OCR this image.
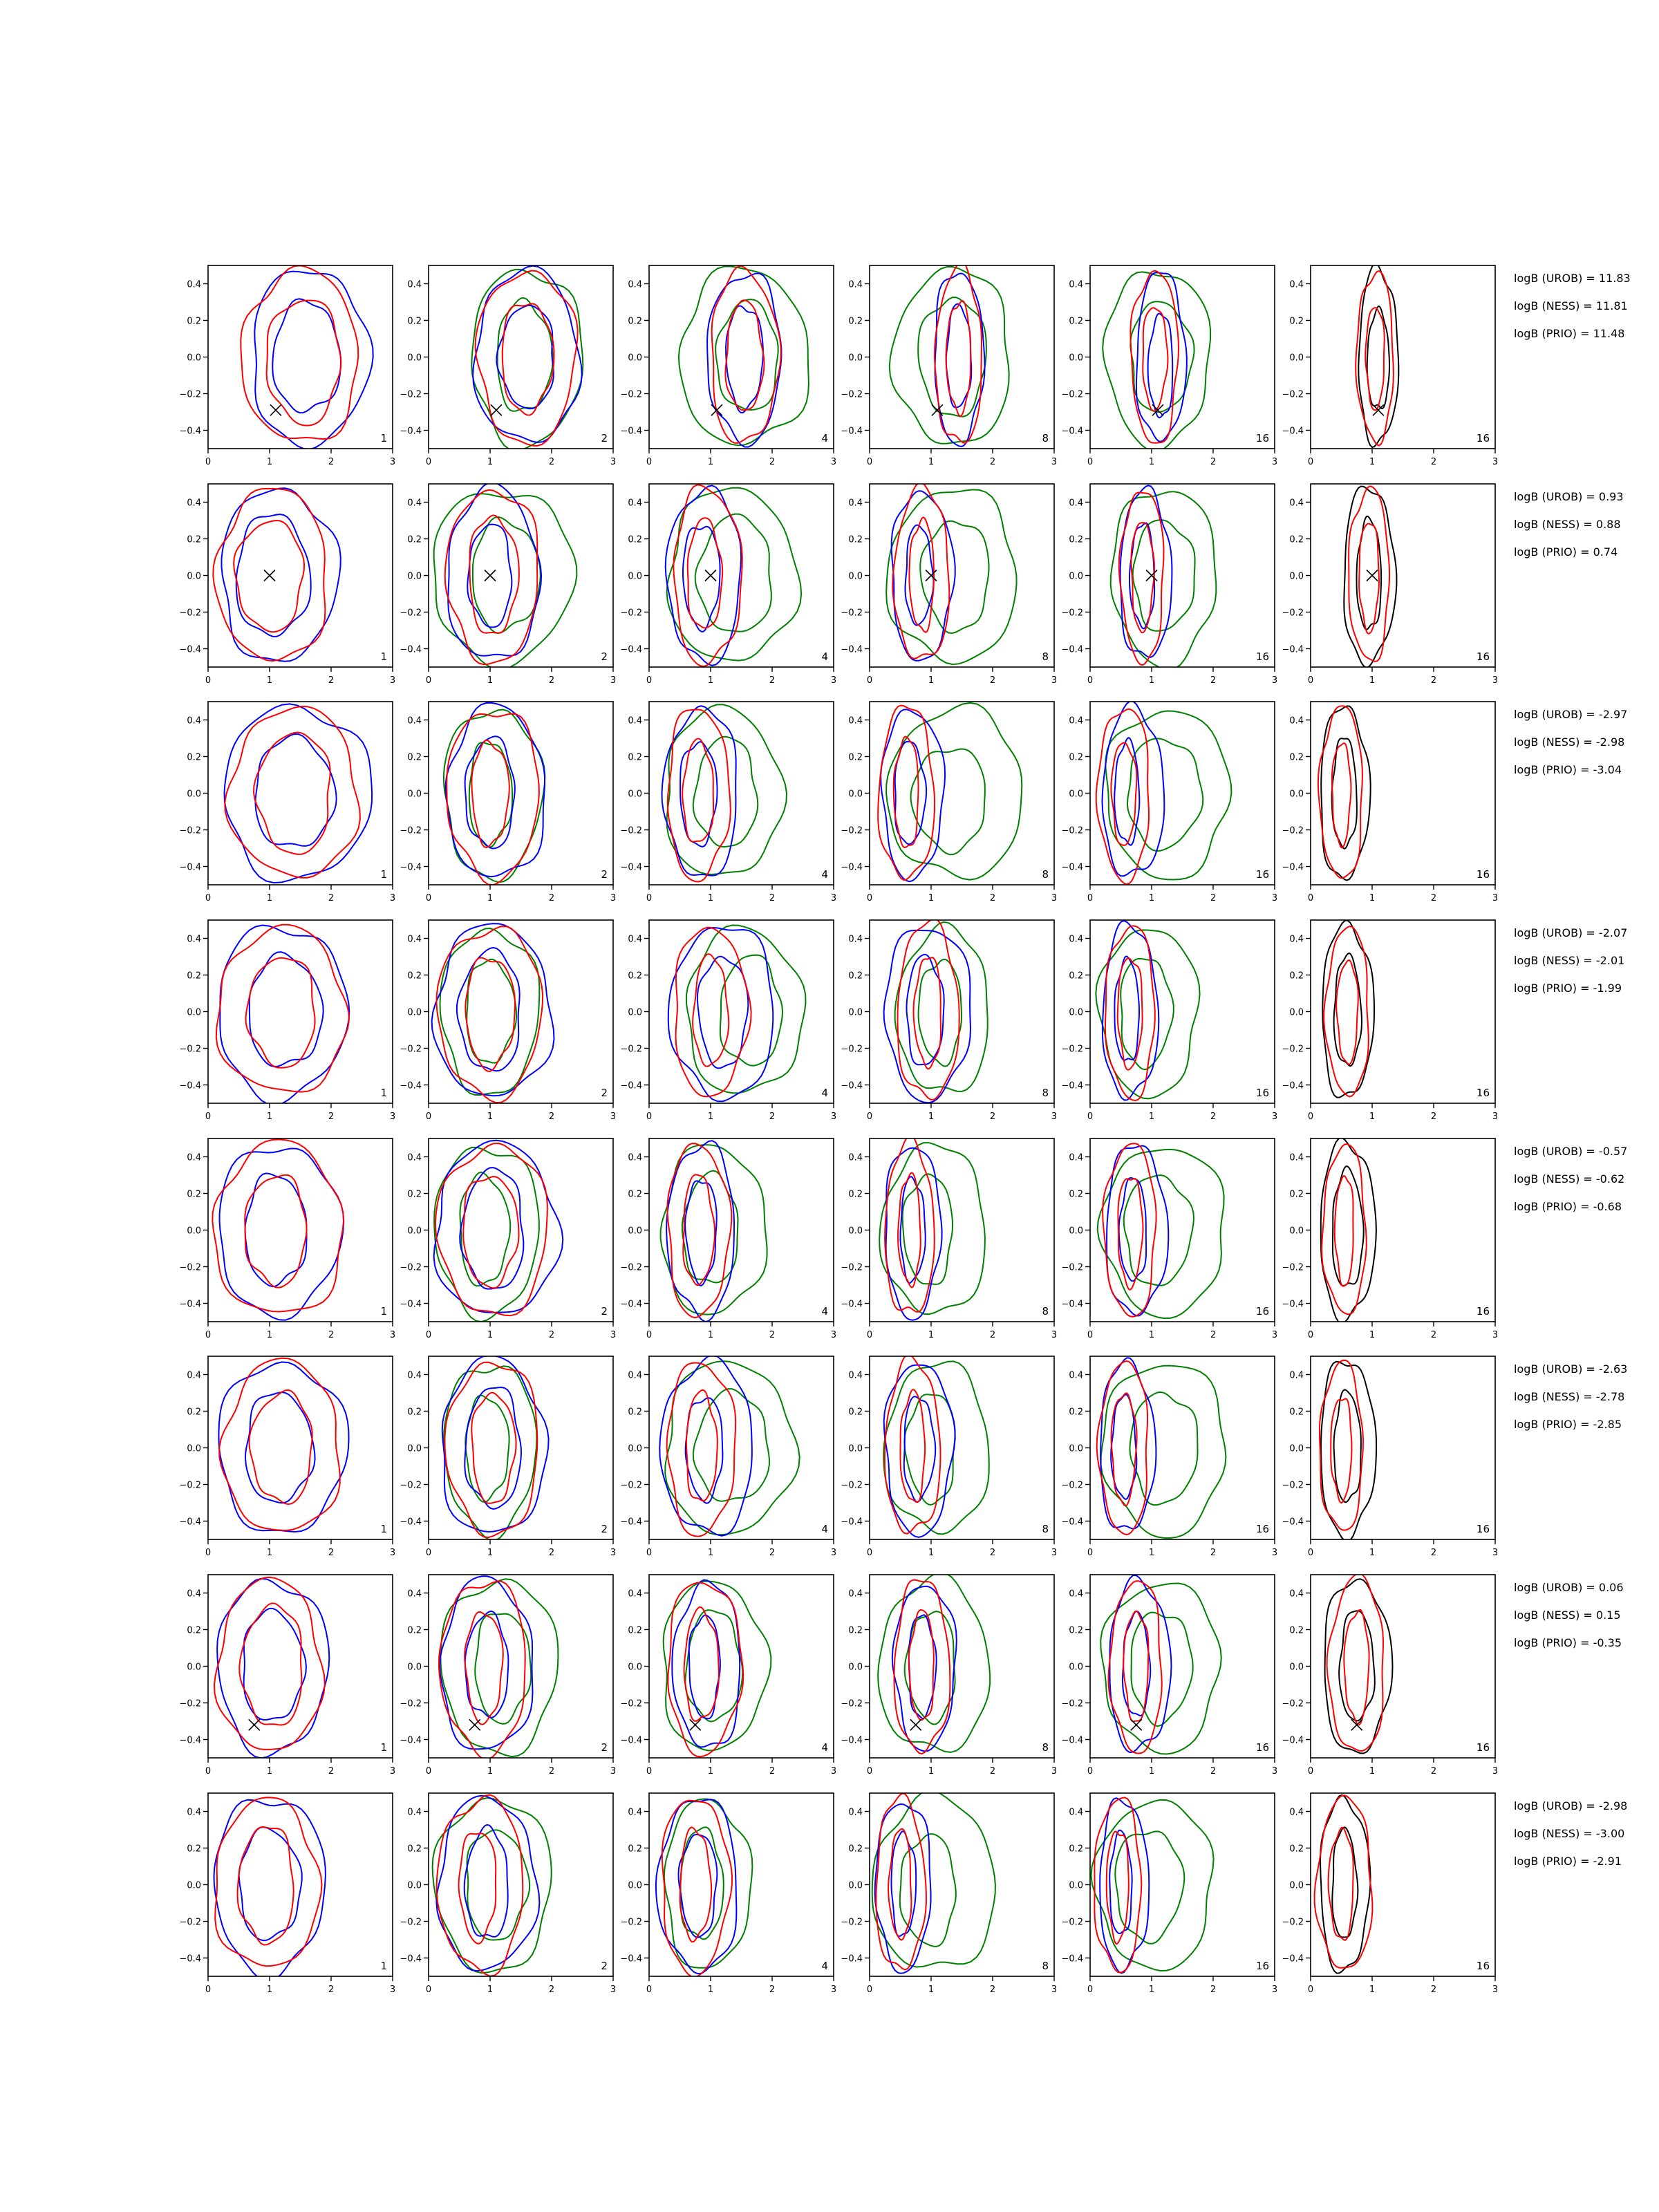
0	1	2	3
0.4
0.2
0.0
−0.2
−0.4
1
0	1	2	3
0.4
0.2
0.0
−0.2
−0.4
2
0	1	2	3
0.4
0.2
0.0
−0.2
−0.4
4
0	1	2	3
0.4
0.2
0.0
−0.2
−0.4
8
0	1	2	3
0.4
0.2
0.0
−0.2
−0.4
16
0	1	2	3
0.4
0.2
0.0
−0.2
−0.4
16
logB (UROB) = 11.83
logB (NESS) = 11.81
logB (PRIO) = 11.48
0	1	2	3
0.4
0.2
0.0
−0.2
−0.4
1
0	1	2	3
0.4
0.2
0.0
−0.2
−0.4
2
0	1	2	3
0.4
0.2
0.0
−0.2
−0.4
4
0	1	2	3
0.4
0.2
0.0
−0.2
−0.4
8
0	1	2	3
0.4
0.2
0.0
−0.2
−0.4
16
0	1	2	3
0.4
0.2
0.0
−0.2
−0.4
16
logB (UROB) = 0.93
logB (NESS) = 0.88
logB (PRIO) = 0.74
0	1	2	3
0.4
0.2
0.0
−0.2
−0.4
1
0	1	2	3
0.4
0.2
0.0
−0.2
−0.4
2
0	1	2	3
0.4
0.2
0.0
−0.2
−0.4
4
0	1	2	3
0.4
0.2
0.0
−0.2
−0.4
8
0	1	2	3
0.4
0.2
0.0
−0.2
−0.4
16
0	1	2	3
0.4
0.2
0.0
−0.2
−0.4
16
logB (UROB) = -2.97
logB (NESS) = -2.98
logB (PRIO) = -3.04
0	1	2	3
0.4
0.2
0.0
−0.2
−0.4
1
0	1	2	3
0.4
0.2
0.0
−0.2
−0.4
2
0	1	2	3
0.4
0.2
0.0
−0.2
−0.4
4
0	1	2	3
0.4
0.2
0.0
−0.2
−0.4
8
0	1	2	3
0.4
0.2
0.0
−0.2
−0.4
16
0	1	2	3
0.4
0.2
0.0
−0.2
−0.4
16
logB (UROB) = -2.07
logB (NESS) = -2.01
logB (PRIO) = -1.99
0	1	2	3
0.4
0.2
0.0
−0.2
−0.4
1
0	1	2	3
0.4
0.2
0.0
−0.2
−0.4
2
0	1	2	3
0.4
0.2
0.0
−0.2
−0.4
4
0	1	2	3
0.4
0.2
0.0
−0.2
−0.4
8
0	1	2	3
0.4
0.2
0.0
−0.2
−0.4
16
0	1	2	3
0.4
0.2
0.0
−0.2
−0.4
16
logB (UROB) = -0.57
logB (NESS) = -0.62
logB (PRIO) = -0.68
0	1	2	3
0.4
0.2
0.0
−0.2
−0.4
1
0	1	2	3
0.4
0.2
0.0
−0.2
−0.4
2
0	1	2	3
0.4
0.2
0.0
−0.2
−0.4
4
0	1	2	3
0.4
0.2
0.0
−0.2
−0.4
8
0	1	2	3
0.4
0.2
0.0
−0.2
−0.4
16
0	1	2	3
0.4
0.2
0.0
−0.2
−0.4
16
logB (UROB) = -2.63
logB (NESS) = -2.78
logB (PRIO) = -2.85
0	1	2	3
0.4
0.2
0.0
−0.2
−0.4
1
0	1	2	3
0.4
0.2
0.0
−0.2
−0.4
2
0	1	2	3
0.4
0.2
0.0
−0.2
−0.4
4
0	1	2	3
0.4
0.2
0.0
−0.2
−0.4
8
0	1	2	3
0.4
0.2
0.0
−0.2
−0.4
16
0	1	2	3
0.4
0.2
0.0
−0.2
−0.4
16
logB (UROB) = 0.06
logB (NESS) = 0.15
logB (PRIO) = -0.35
0	1	2	3
0.4
0.2
0.0
−0.2
−0.4
1
0	1	2	3
0.4
0.2
0.0
−0.2
−0.4
2
0	1	2	3
0.4
0.2
0.0
−0.2
−0.4
4
0	1	2	3
0.4
0.2
0.0
−0.2
−0.4
8
0	1	2	3
0.4
0.2
0.0
−0.2
−0.4
16
0	1	2	3
0.4
0.2
0.0
−0.2
−0.4
16
logB (UROB) = -2.98
logB (NESS) = -3.00
logB (PRIO) = -2.91
